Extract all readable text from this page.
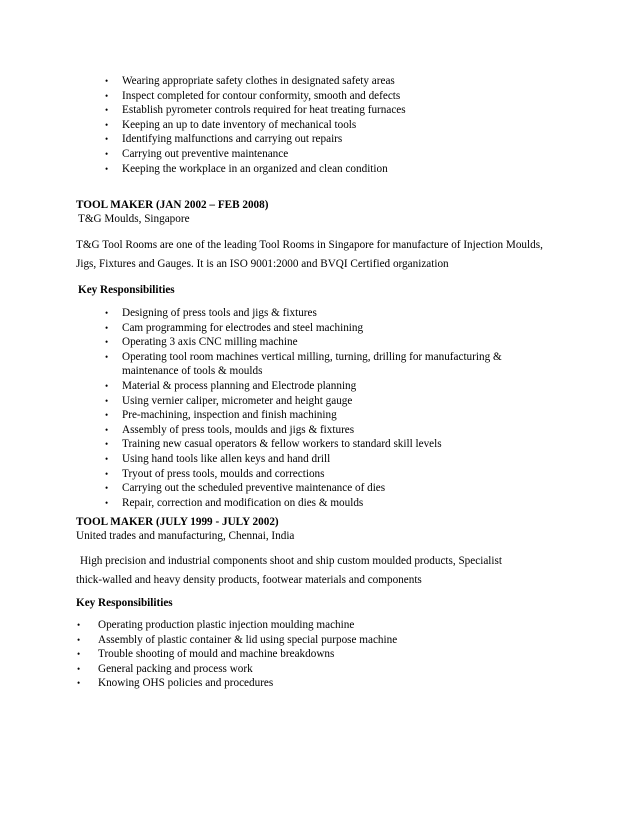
• Wearing appropriate safety clothes in designated safety areas
• Inspect completed for contour conformity, smooth and defects
• Establish pyrometer controls required for heat treating furnaces
• Keeping an up to date inventory of mechanical tools
• Identifying malfunctions and carrying out repairs
• Carrying out preventive maintenance
• Keeping the workplace in an organized and clean condition
TOOL MAKER (JAN 2002 – FEB 2008)
T&G Moulds, Singapore
T&G Tool Rooms are one of the leading Tool Rooms in Singapore for manufacture of Injection Moulds,
Jigs, Fixtures and Gauges. It is an ISO 9001:2000 and BVQI Certified organization
Key Responsibilities
• Designing of press tools and jigs & fixtures
• Cam programming for electrodes and steel machining
• Operating 3 axis CNC milling machine
• Operating tool room machines vertical milling, turning, drilling for manufacturing & maintenance of tools & moulds
• Material & process planning and Electrode planning
• Using vernier caliper, micrometer and height gauge
• Pre-machining, inspection and finish machining
• Assembly of press tools, moulds and jigs & fixtures
• Training new casual operators & fellow workers to standard skill levels
• Using hand tools like allen keys and hand drill
• Tryout of press tools, moulds and corrections
• Carrying out the scheduled preventive maintenance of dies
• Repair, correction and modification on dies & moulds
TOOL MAKER (JULY 1999 - JULY 2002)
United trades and manufacturing, Chennai, India
High precision and industrial components shoot and ship custom moulded products, Specialist
thick-walled and heavy density products, footwear materials and components
Key Responsibilities
• Operating production plastic injection moulding machine
• Assembly of plastic container & lid using special purpose machine
• Trouble shooting of mould and machine breakdowns
• General packing and process work
• Knowing OHS policies and procedures
